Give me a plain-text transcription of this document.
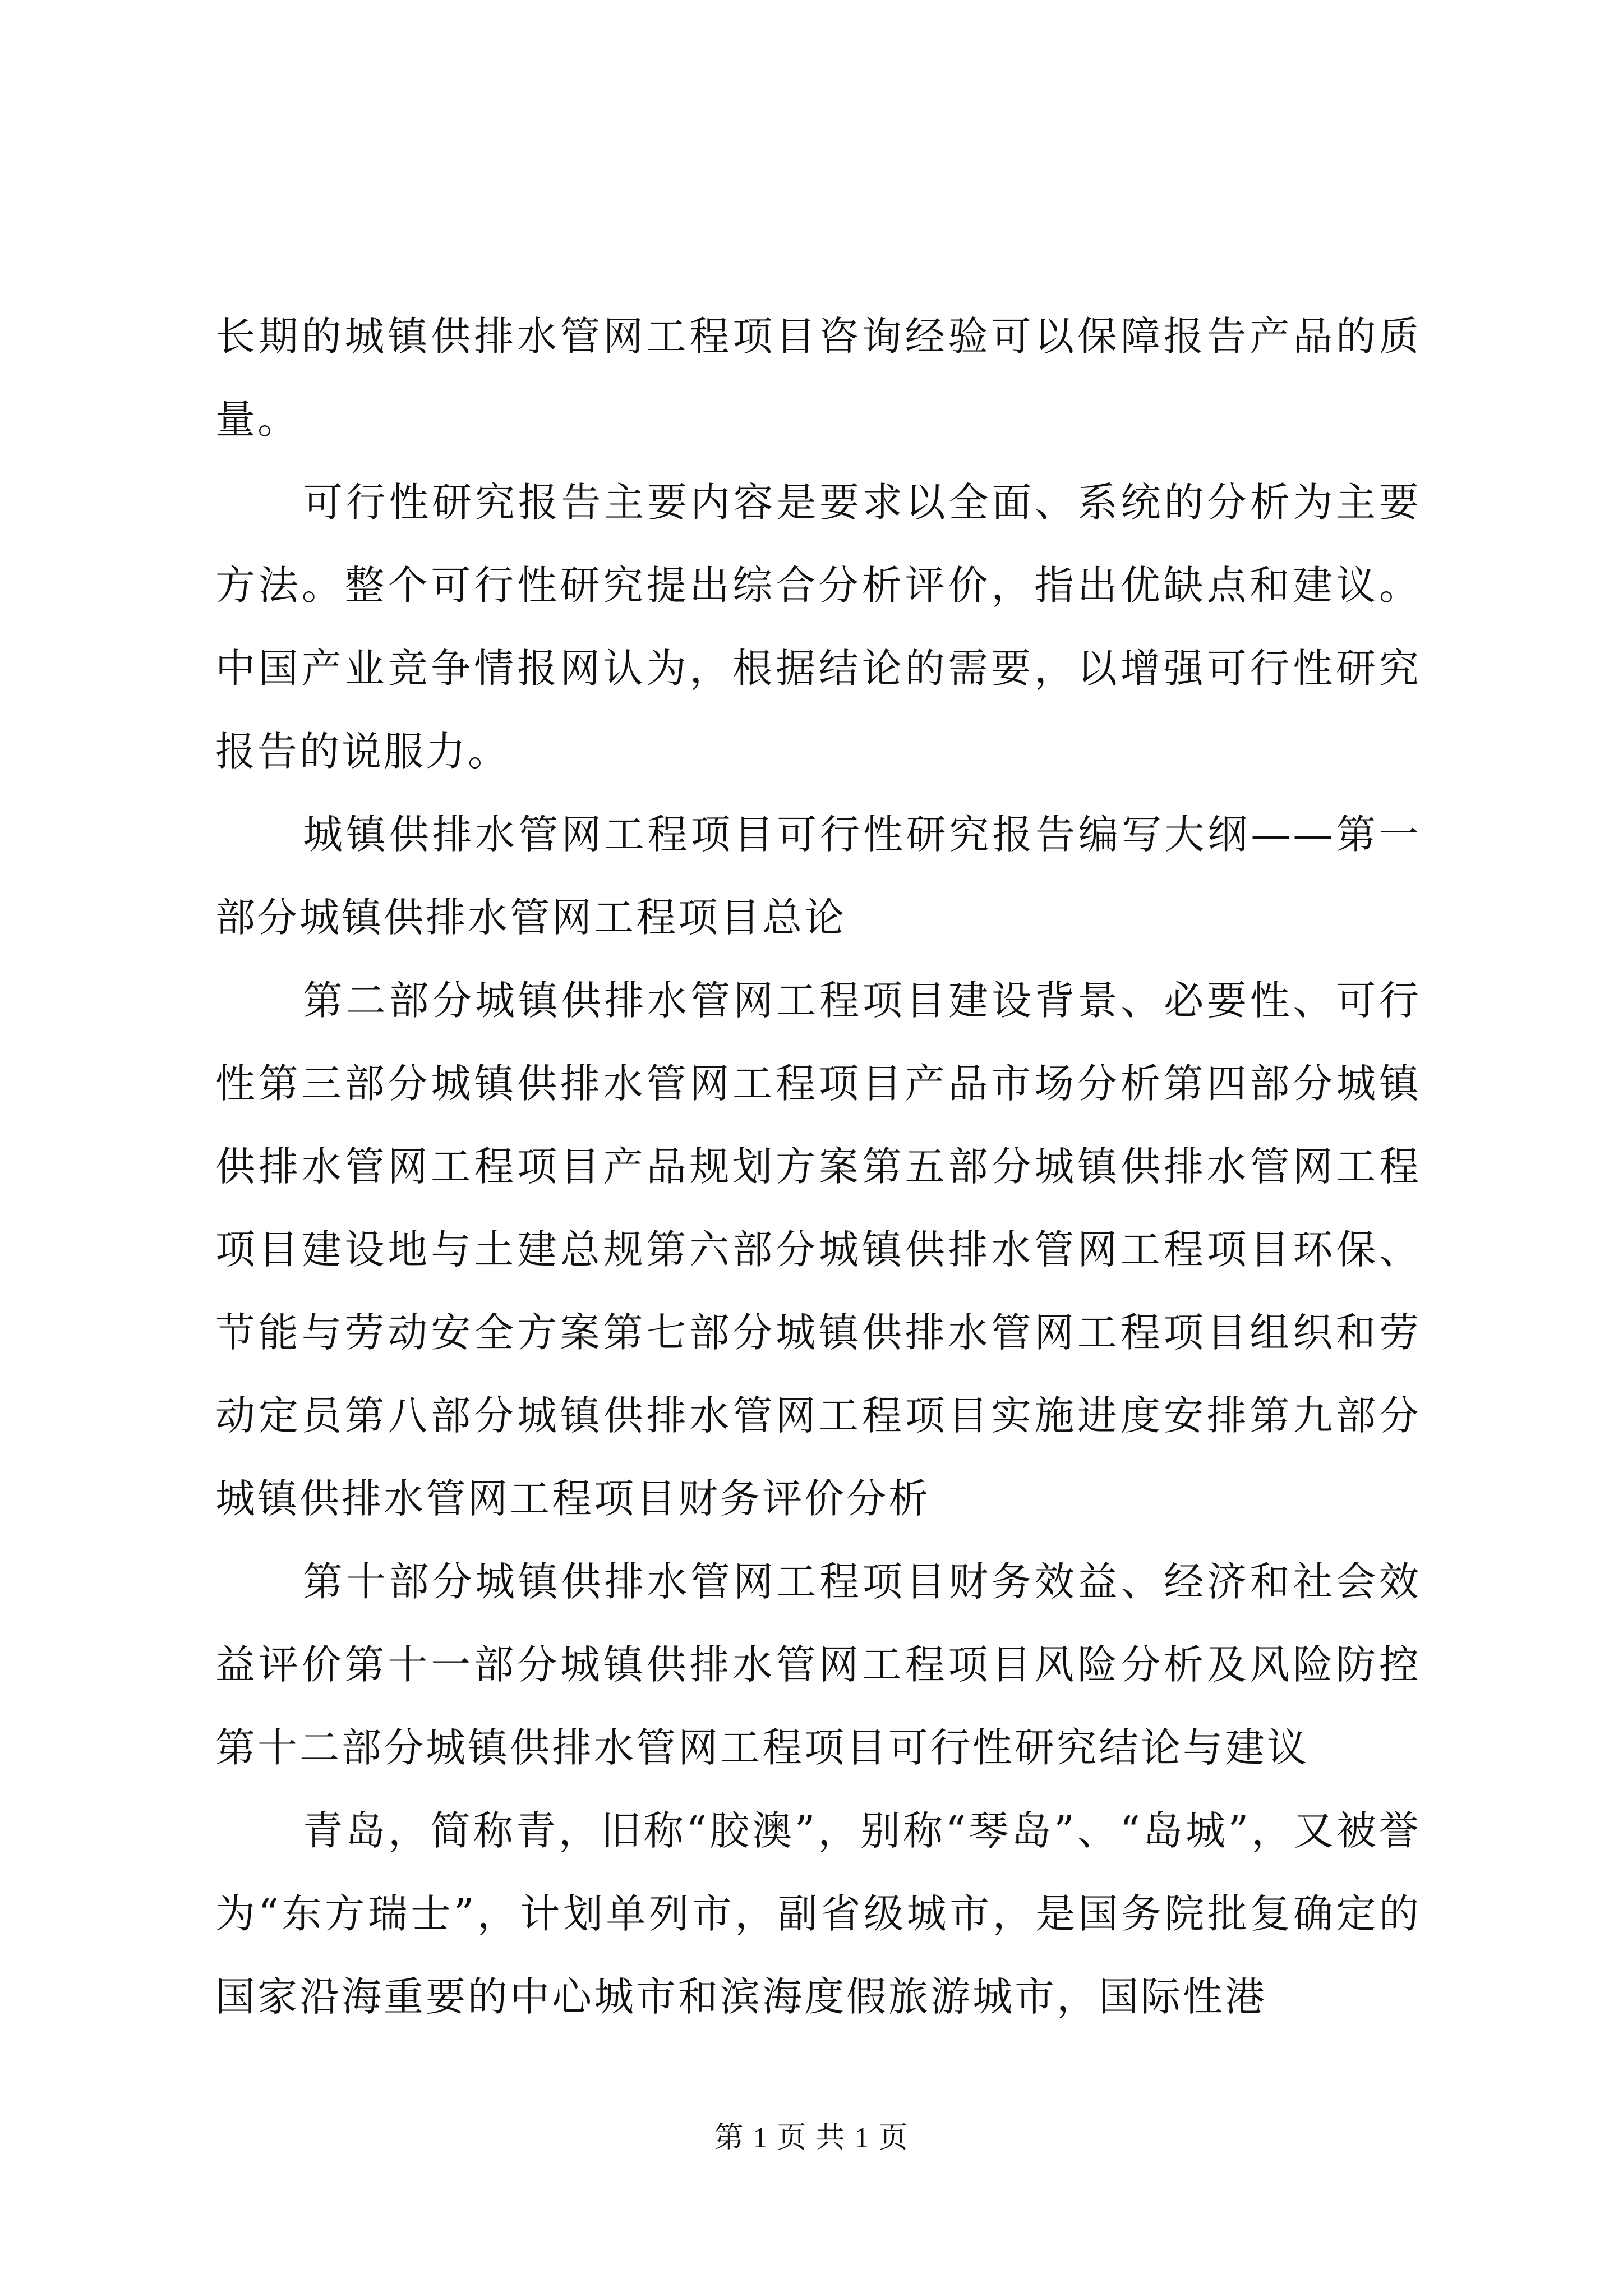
长期的城镇供排水管网工程项目咨询经验可以保障报告产品的质量。

可行性研究报告主要内容是要求以全面、系统的分析为主要方法。整个可行性研究提出综合分析评价，指出优缺点和建议。中国产业竞争情报网认为，根据结论的需要，以增强可行性研究报告的说服力。

城镇供排水管网工程项目可行性研究报告编写大纲——第一部分城镇供排水管网工程项目总论

第二部分城镇供排水管网工程项目建设背景、必要性、可行性第三部分城镇供排水管网工程项目产品市场分析第四部分城镇供排水管网工程项目产品规划方案第五部分城镇供排水管网工程项目建设地与土建总规第六部分城镇供排水管网工程项目环保、节能与劳动安全方案第七部分城镇供排水管网工程项目组织和劳动定员第八部分城镇供排水管网工程项目实施进度安排第九部分城镇供排水管网工程项目财务评价分析

第十部分城镇供排水管网工程项目财务效益、经济和社会效益评价第十一部分城镇供排水管网工程项目风险分析及风险防控第十二部分城镇供排水管网工程项目可行性研究结论与建议

青岛，简称青，旧称“胶澳”，别称“琴岛”、“岛城”，又被誉为“东方瑞士”，计划单列市，副省级城市，是国务院批复确定的国家沿海重要的中心城市和滨海度假旅游城市，国际性港

第 1 页 共 1 页
